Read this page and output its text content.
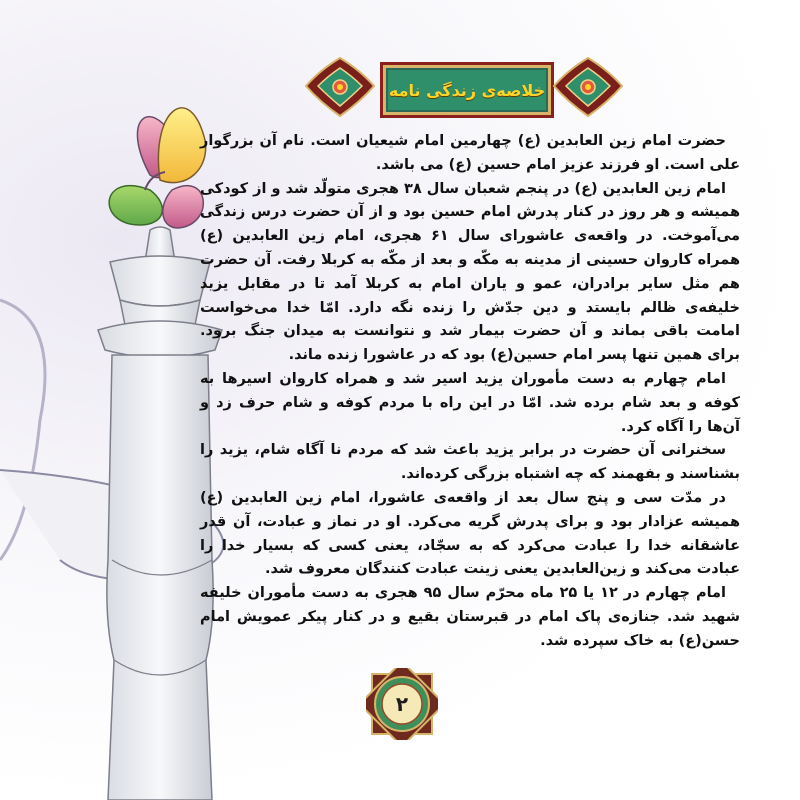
خلاصه‌ی زندگی نامه

حضرت امام زین العابدین (ع) چهارمین امام شیعیان است. نام آن بزرگوار علی است. او فرزند عزیز امام حسین (ع) می باشد.

امام زین العابدین (ع) در پنجم شعبان سال ۳۸ هجری متولّد شد و از کودکی همیشه و هر روز در کنار پدرش امام حسین بود و از آن حضرت درس زندگی می‌آموخت. در واقعه‌ی عاشورای سال ۶۱ هجری، امام زین العابدین (ع) همراه کاروان حسینی از مدینه به مکّه و بعد از مکّه به کربلا رفت. آن حضرت هم مثل سایر برادران، عمو و یاران امام به کربلا آمد تا در مقابل یزید خلیفه‌ی ظالم بایستد و دین جدّش را زنده نگه دارد. امّا خدا می‌خواست امامت باقی بماند و آن حضرت بیمار شد و نتوانست به میدان جنگ برود. برای همین تنها پسر امام حسین(ع) بود که در عاشورا زنده ماند.

امام چهارم به دست مأموران یزید اسیر شد و همراه کاروان اسیرها به کوفه و بعد شام برده شد. امّا در این راه با مردم کوفه و شام حرف زد و آن‌ها را آگاه کرد.

سخنرانی آن حضرت در برابر یزید باعث شد که مردم نا آگاه شام، یزید را بشناسند و بفهمند که چه اشتباه بزرگی کرده‌اند.

در مدّت سی و پنج سال بعد از واقعه‌ی عاشورا، امام زین العابدین (ع) همیشه عزادار بود و برای پدرش گریه می‌کرد. او در نماز و عبادت، آن قدر عاشقانه خدا را عبادت می‌کرد که به سجّاد، یعنی کسی که بسیار خدا را عبادت می‌کند و زین‌العابدین یعنی زینت عبادت کنندگان معروف شد.

امام چهارم در ۱۲ یا ۲۵ ماه محرّم سال ۹۵ هجری به دست مأموران خلیفه شهید شد. جنازه‌ی پاک امام در قبرستان بقیع و در کنار پیکر عمویش امام حسن(ع) به خاک سپرده شد.

۲
